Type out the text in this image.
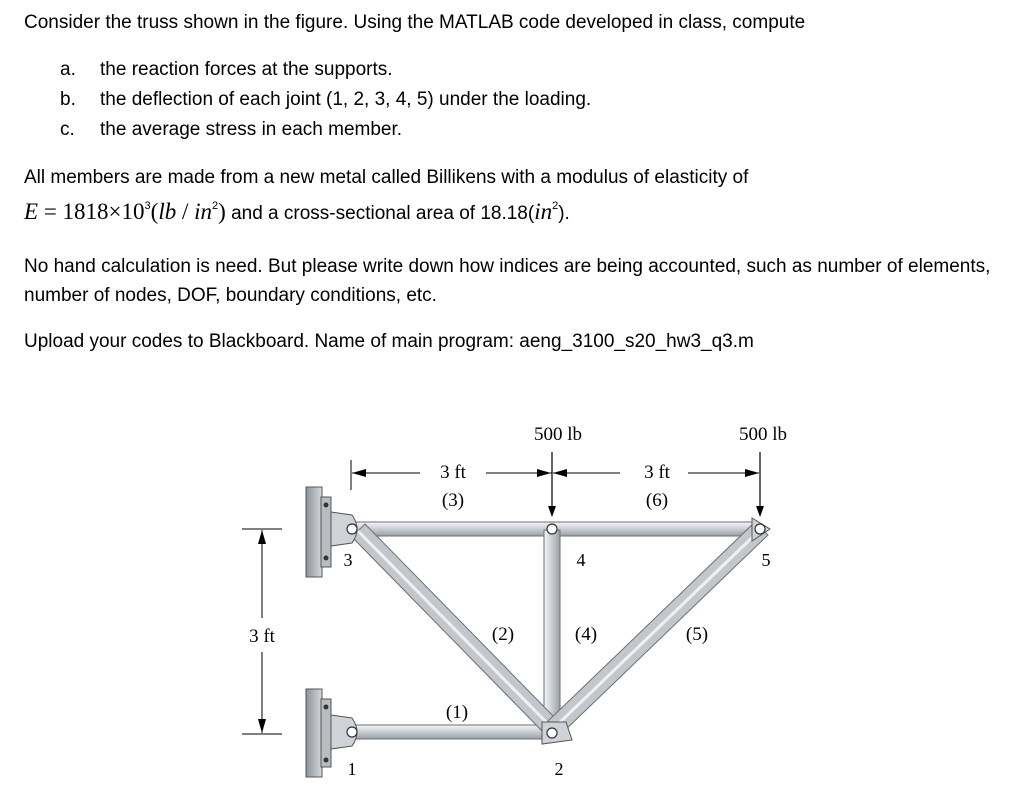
Consider the truss shown in the figure. Using the MATLAB code developed in class, compute
a. the reaction forces at the supports.
b. the deflection of each joint (1, 2, 3, 4, 5) under the loading.
c. the average stress in each member.
All members are made from a new metal called Billikens with a modulus of elasticity of
$E = 1818\times 10^3(lb / in^2)$ and a cross-sectional area of $18.18(in^2)$.
No hand calculation is need. But please write down how indices are being accounted, such as number of elements, number of nodes, DOF, boundary conditions, etc.
Upload your codes to Blackboard. Name of main program: aeng_3100_s20_hw3_q3.m
500 lb	500 lb
3 ft
(3)
3 ft
(6)
3 ft
(1)
(2)	(4)	(5)
1	2
3	4	5
